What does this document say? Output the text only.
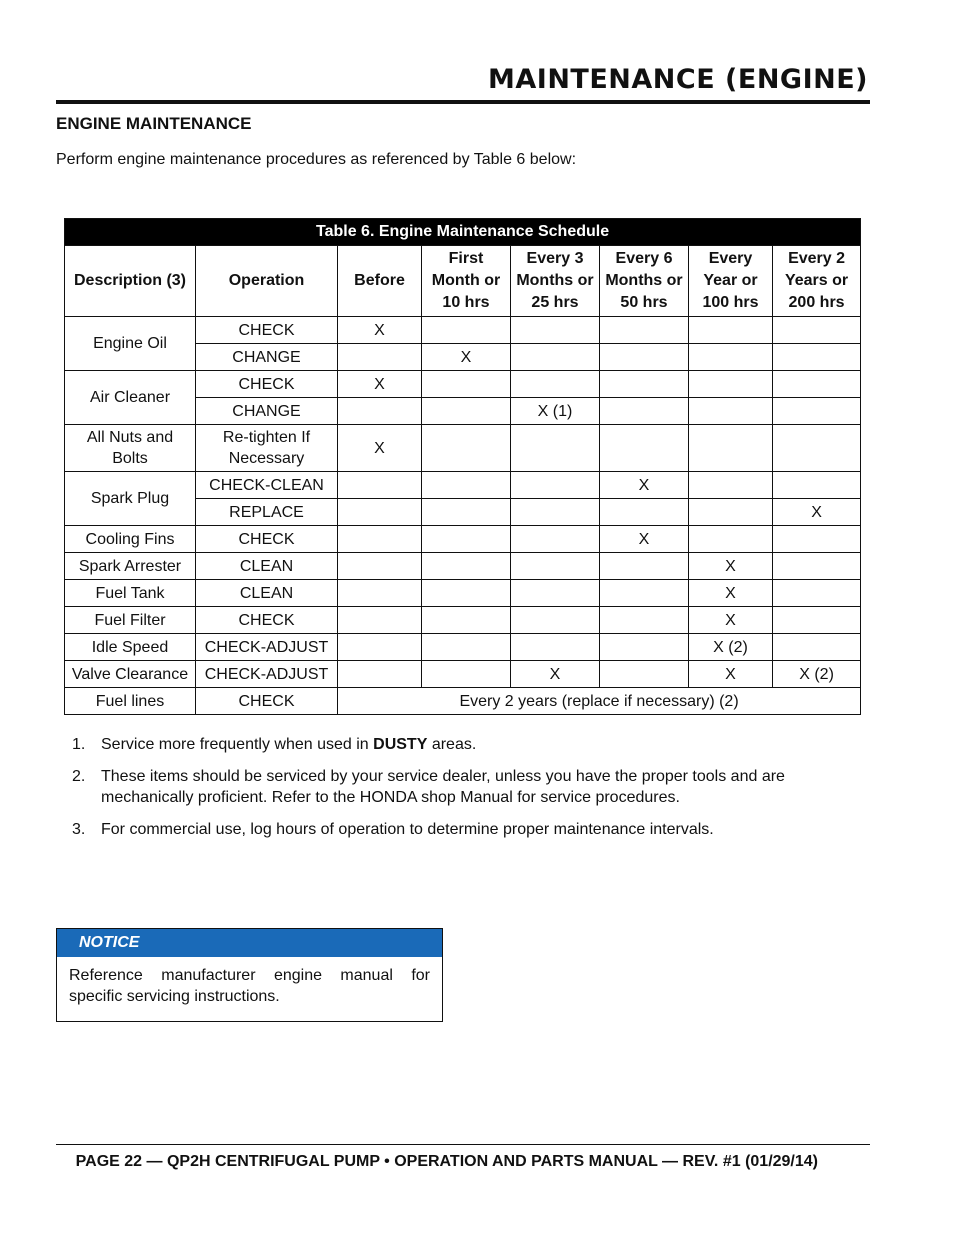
MAINTENANCE (ENGINE)
ENGINE MAINTENANCE
Perform engine maintenance procedures as referenced by Table 6 below:
Table 6. Engine Maintenance Schedule							
Description (3)	Operation	Before	First Month or 10 hrs	Every 3 Months or 25 hrs	Every 6 Months or 50 hrs	Every Year or 100 hrs	Every 2 Years or 200 hrs
Engine Oil	CHECK	X					
	CHANGE		X				
Air Cleaner	CHECK	X					
	CHANGE			X (1)			
All Nuts and Bolts	Re-tighten If Necessary	X					
Spark Plug	CHECK-CLEAN				X		
	REPLACE						X
Cooling Fins	CHECK				X		
Spark Arrester	CLEAN					X	
Fuel Tank	CLEAN					X	
Fuel Filter	CHECK					X	
Idle Speed	CHECK-ADJUST					X (2)	
Valve Clearance	CHECK-ADJUST			X		X	X (2)
Fuel lines	CHECK	Every 2 years (replace if necessary) (2)					
1. Service more frequently when used in DUSTY areas.
2. These items should be serviced by your service dealer, unless you have the proper tools and are mechanically proficient. Refer to the HONDA shop Manual for service procedures.
3. For commercial use, log hours of operation to determine proper maintenance intervals.
NOTICE
Reference manufacturer engine manual for specific servicing instructions.
PAGE 22 — QP2H CENTRIFUGAL PUMP • OPERATION AND PARTS MANUAL — REV. #1 (01/29/14)
